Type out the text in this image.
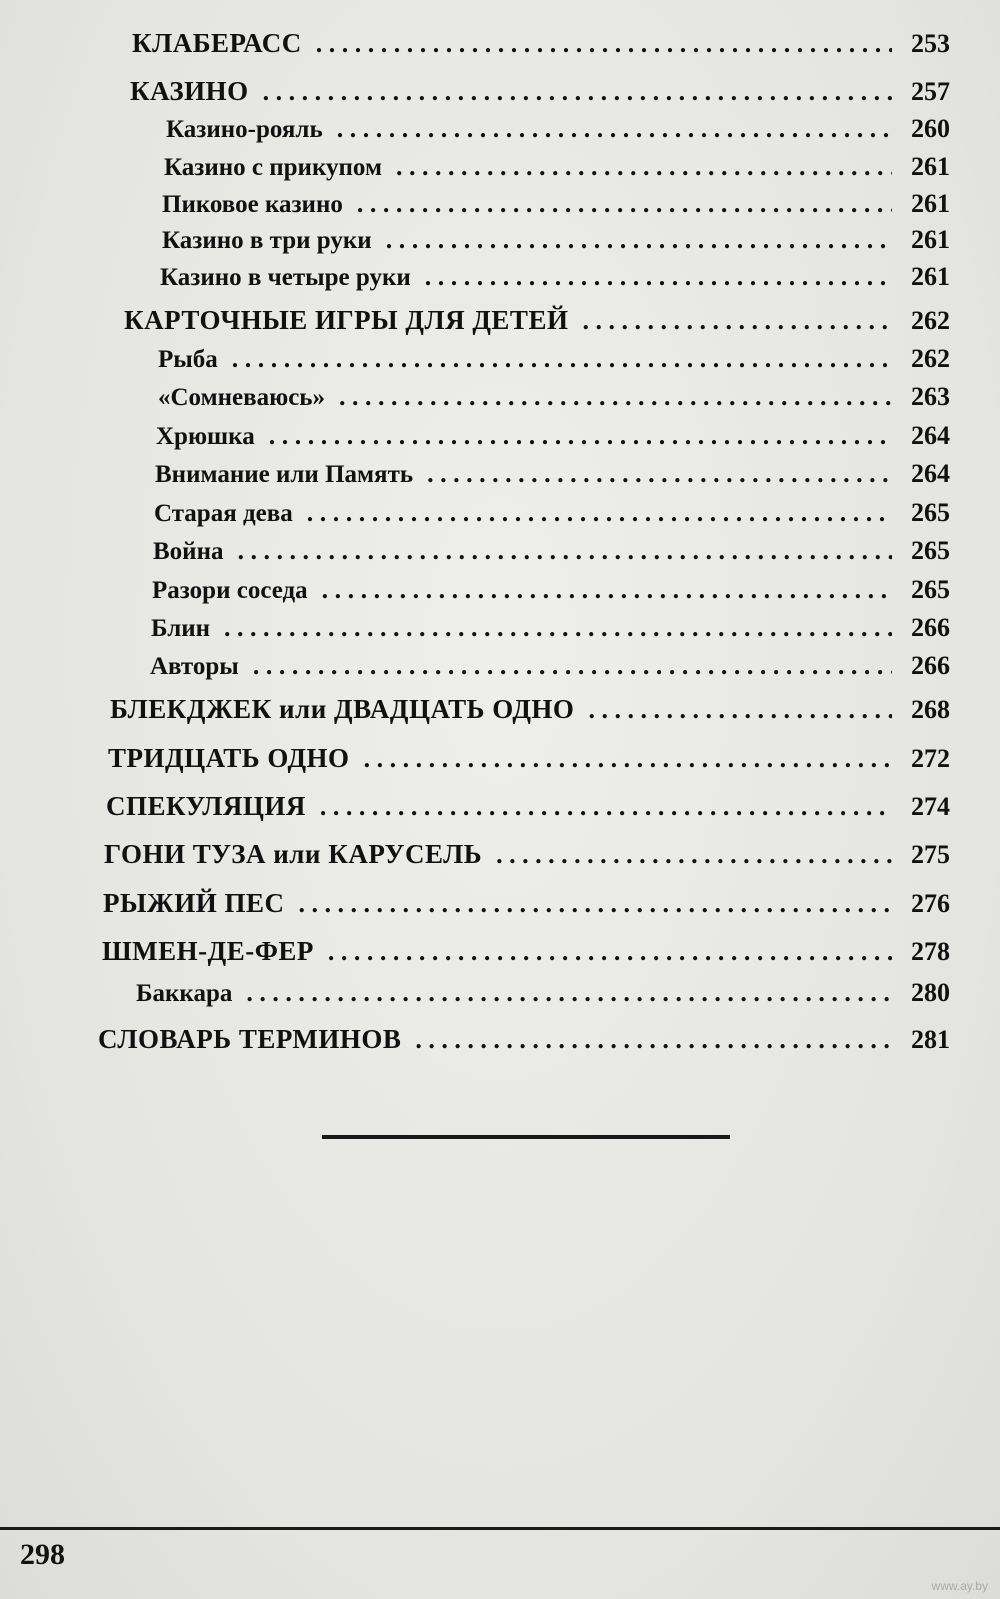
КЛАБЕРАСС . . .	253
КАЗИНО . . .	257
Казино-рояль . . .	260
Казино с прикупом . . .	261
Пиковое казино . . .	261
Казино в три руки . . .	261
Казино в четыре руки . . .	261
КАРТОЧНЫЕ ИГРЫ ДЛЯ ДЕТЕЙ . . .	262
Рыба . . .	262
«Сомневаюсь» . . .	263
Хрюшка . . .	264
Внимание или Память . . .	264
Старая дева . . .	265
Война . . .	265
Разори соседа . . .	265
Блин . . .	266
Авторы . . .	266
БЛЕКДЖЕК или ДВАДЦАТЬ ОДНО . . .	268
ТРИДЦАТЬ ОДНО . . .	272
СПЕКУЛЯЦИЯ . . .	274
ГОНИ ТУЗА или КАРУСЕЛЬ . . .	275
РЫЖИЙ ПЕС . . .	276
ШМЕН-ДЕ-ФЕР . . .	278
Баккара . . .	280
СЛОВАРЬ ТЕРМИНОВ . . .	281
298
www.ay.by
